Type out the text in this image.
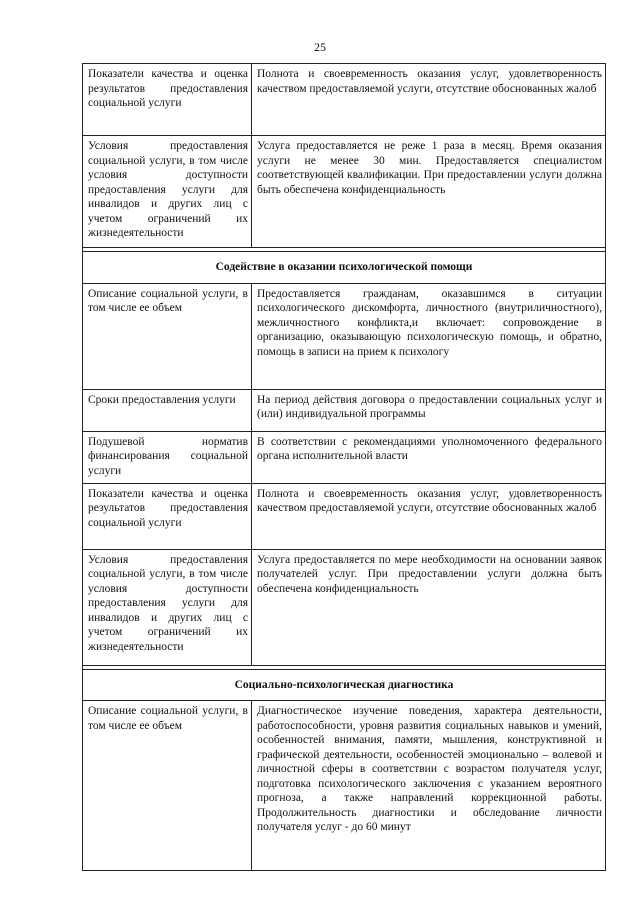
25
Показатели качества и оценка результатов предоставления социальной услуги	Полнота и своевременность оказания услуг, удовлетворенность качеством предоставляемой услуги, отсутствие обоснованных жалоб
Условия предоставления социальной услуги, в том числе условия доступности предоставления услуги для инвалидов и других лиц с учетом ограничений их жизнедеятельности	Услуга предоставляется не реже 1 раза в месяц. Время оказания услуги не менее 30 мин. Предоставляется специалистом соответствующей квалификации. При предоставлении услуги должна быть обеспечена конфиденциальность

Содействие в оказании психологической помощи	
Описание социальной услуги, в том числе ее объем	Предоставляется гражданам, оказавшимся в ситуации психологического дискомфорта, личностного (внутриличностного), межличностного конфликта,и включает: сопровождение в организацию, оказывающую психологическую помощь, и обратно, помощь в записи на прием к психологу
Сроки предоставления услуги	На период действия договора о предоставлении социальных услуг и (или) индивидуальной программы
Подушевой норматив финансирования социальной услуги	В соответствии с рекомендациями уполномоченного федерального органа исполнительной власти
Показатели качества и оценка результатов предоставления социальной услуги	Полнота и своевременность оказания услуг, удовлетворенность качеством предоставляемой услуги, отсутствие обоснованных жалоб
Условия предоставления социальной услуги, в том числе условия доступности предоставления услуги для инвалидов и других лиц с учетом ограничений их жизнедеятельности	Услуга предоставляется по мере необходимости на основании заявок получателей услуг. При предоставлении услуги должна быть обеспечена конфиденциальность

Социально-психологическая диагностика	
Описание социальной услуги, в том числе ее объем	Диагностическое изучение поведения, характера деятельности, работоспособности, уровня развития социальных навыков и умений, особенностей внимания, памяти, мышления, конструктивной и графической деятельности, особенностей эмоционально – волевой и личностной сферы в соответствии с возрастом получателя услуг, подготовка психологического заключения с указанием вероятного прогноза, а также направлений коррекционной работы. Продолжительность диагностики и обследование личности получателя услуг - до 60 минут
